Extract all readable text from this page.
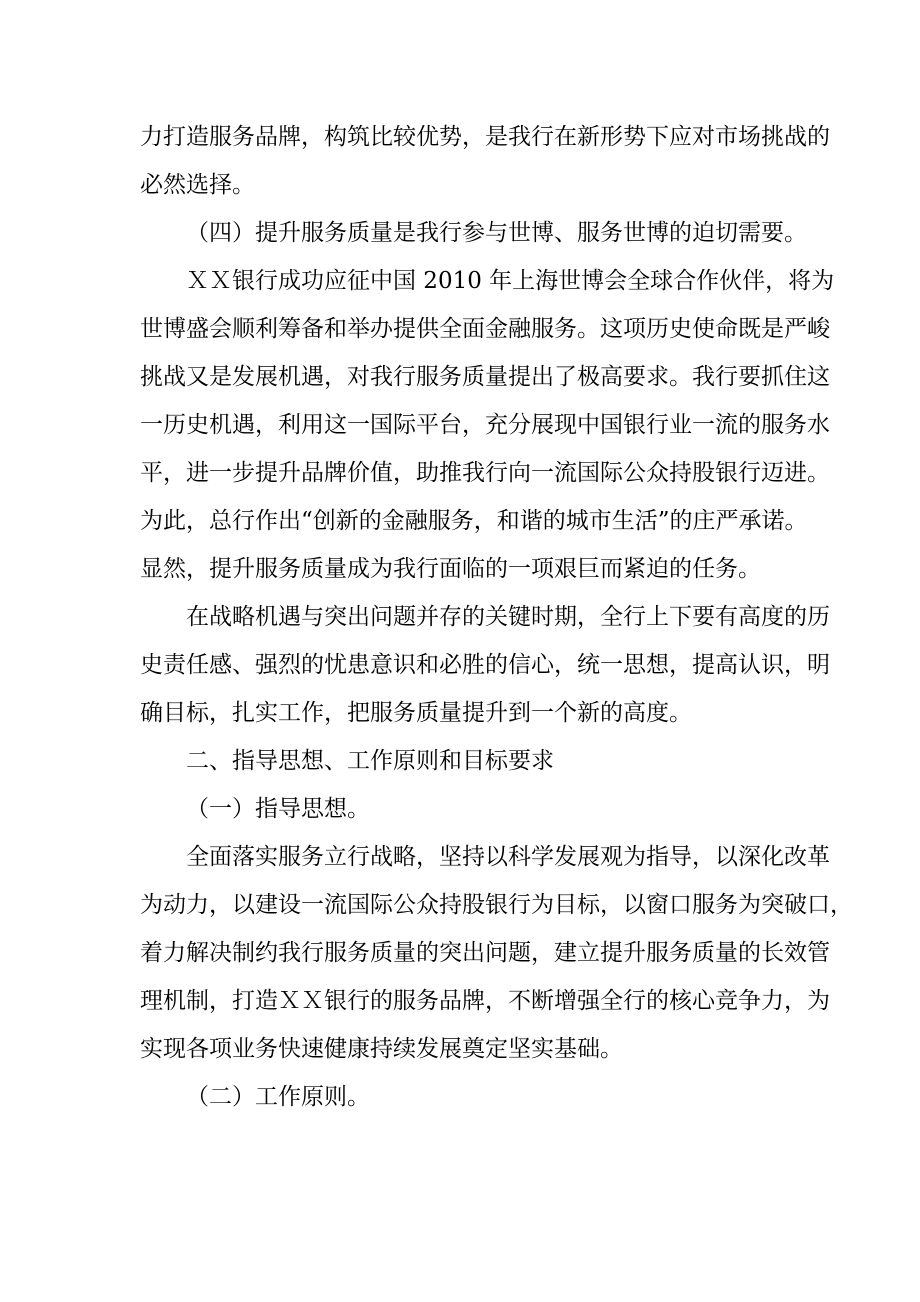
力打造服务品牌，构筑比较优势，是我行在新形势下应对市场挑战的
必然选择。
（四）提升服务质量是我行参与世博、服务世博的迫切需要。
ＸＸ银行成功应征中国 2010 年上海世博会全球合作伙伴，将为
世博盛会顺利筹备和举办提供全面金融服务。这项历史使命既是严峻
挑战又是发展机遇，对我行服务质量提出了极高要求。我行要抓住这
一历史机遇，利用这一国际平台，充分展现中国银行业一流的服务水
平，进一步提升品牌价值，助推我行向一流国际公众持股银行迈进。
为此，总行作出“创新的金融服务，和谐的城市生活”的庄严承诺。
显然，提升服务质量成为我行面临的一项艰巨而紧迫的任务。
在战略机遇与突出问题并存的关键时期，全行上下要有高度的历
史责任感、强烈的忧患意识和必胜的信心，统一思想，提高认识，明
确目标，扎实工作，把服务质量提升到一个新的高度。
二、指导思想、工作原则和目标要求
（一）指导思想。
全面落实服务立行战略，坚持以科学发展观为指导，以深化改革
为动力，以建设一流国际公众持股银行为目标，以窗口服务为突破口，
着力解决制约我行服务质量的突出问题，建立提升服务质量的长效管
理机制，打造ＸＸ银行的服务品牌，不断增强全行的核心竞争力，为
实现各项业务快速健康持续发展奠定坚实基础。
（二）工作原则。
